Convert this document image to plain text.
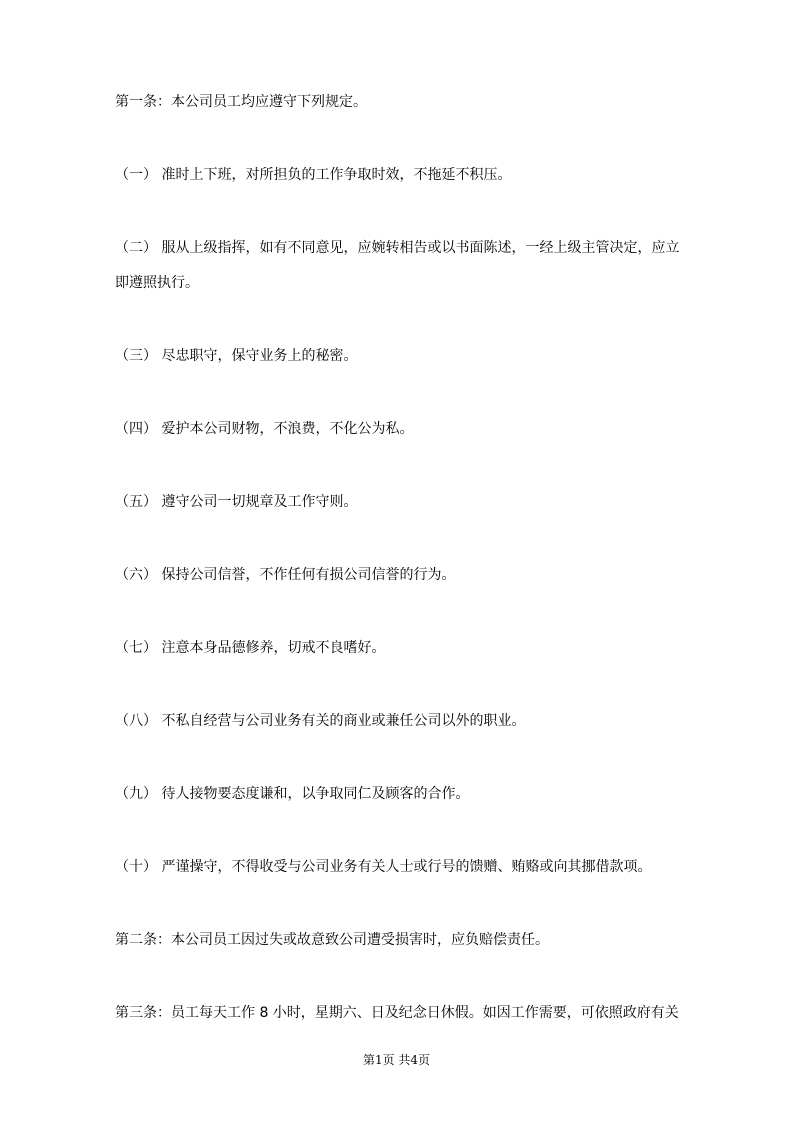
第一条：本公司员工均应遵守下列规定。

（一） 准时上下班，对所担负的工作争取时效，不拖延不积压。

（二） 服从上级指挥，如有不同意见，应婉转相告或以书面陈述，一经上级主管决定，应立即遵照执行。

（三） 尽忠职守，保守业务上的秘密。

（四） 爱护本公司财物，不浪费，不化公为私。

（五） 遵守公司一切规章及工作守则。

（六） 保持公司信誉，不作任何有损公司信誉的行为。

（七） 注意本身品德修养，切戒不良嗜好。

（八） 不私自经营与公司业务有关的商业或兼任公司以外的职业。

（九） 待人接物要态度谦和，以争取同仁及顾客的合作。

（十） 严谨操守，不得收受与公司业务有关人士或行号的馈赠、贿赂或向其挪借款项。

第二条：本公司员工因过失或故意致公司遭受损害时，应负赔偿责任。

第三条：员工每天工作 8 小时，星期六、日及纪念日休假。如因工作需要，可依照政府有关

第1页 共4页
